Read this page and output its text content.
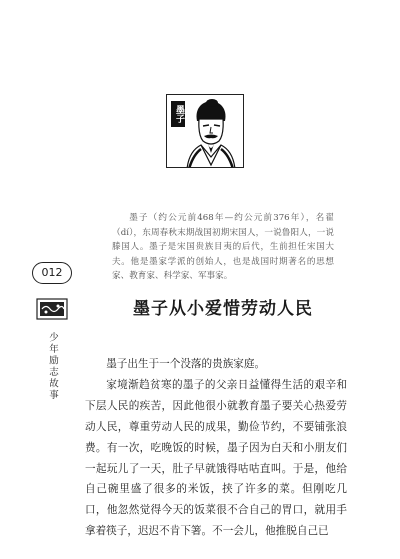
墨子
墨子（约公元前468年—约公元前376年），名翟（dí），东周春秋末期战国初期宋国人，一说鲁阳人，一说滕国人。墨子是宋国贵族目夷的后代，生前担任宋国大夫。他是墨家学派的创始人，也是战国时期著名的思想家、教育家、科学家、军事家。
012
少年励志故事
墨子从小爱惜劳动人民

墨子出生于一个没落的贵族家庭。

家境渐趋贫寒的墨子的父亲日益懂得生活的艰辛和下层人民的疾苦，因此他很小就教育墨子要关心热爱劳动人民，尊重劳动人民的成果，勤俭节约，不要铺张浪费。有一次，吃晚饭的时候，墨子因为白天和小朋友们一起玩儿了一天，肚子早就饿得咕咕直叫。于是，他给自己碗里盛了很多的米饭，挟了许多的菜。但刚吃几口，他忽然觉得今天的饭菜很不合自己的胃口，就用手拿着筷子，迟迟不肯下箸。不一会儿，他推脱自己已
